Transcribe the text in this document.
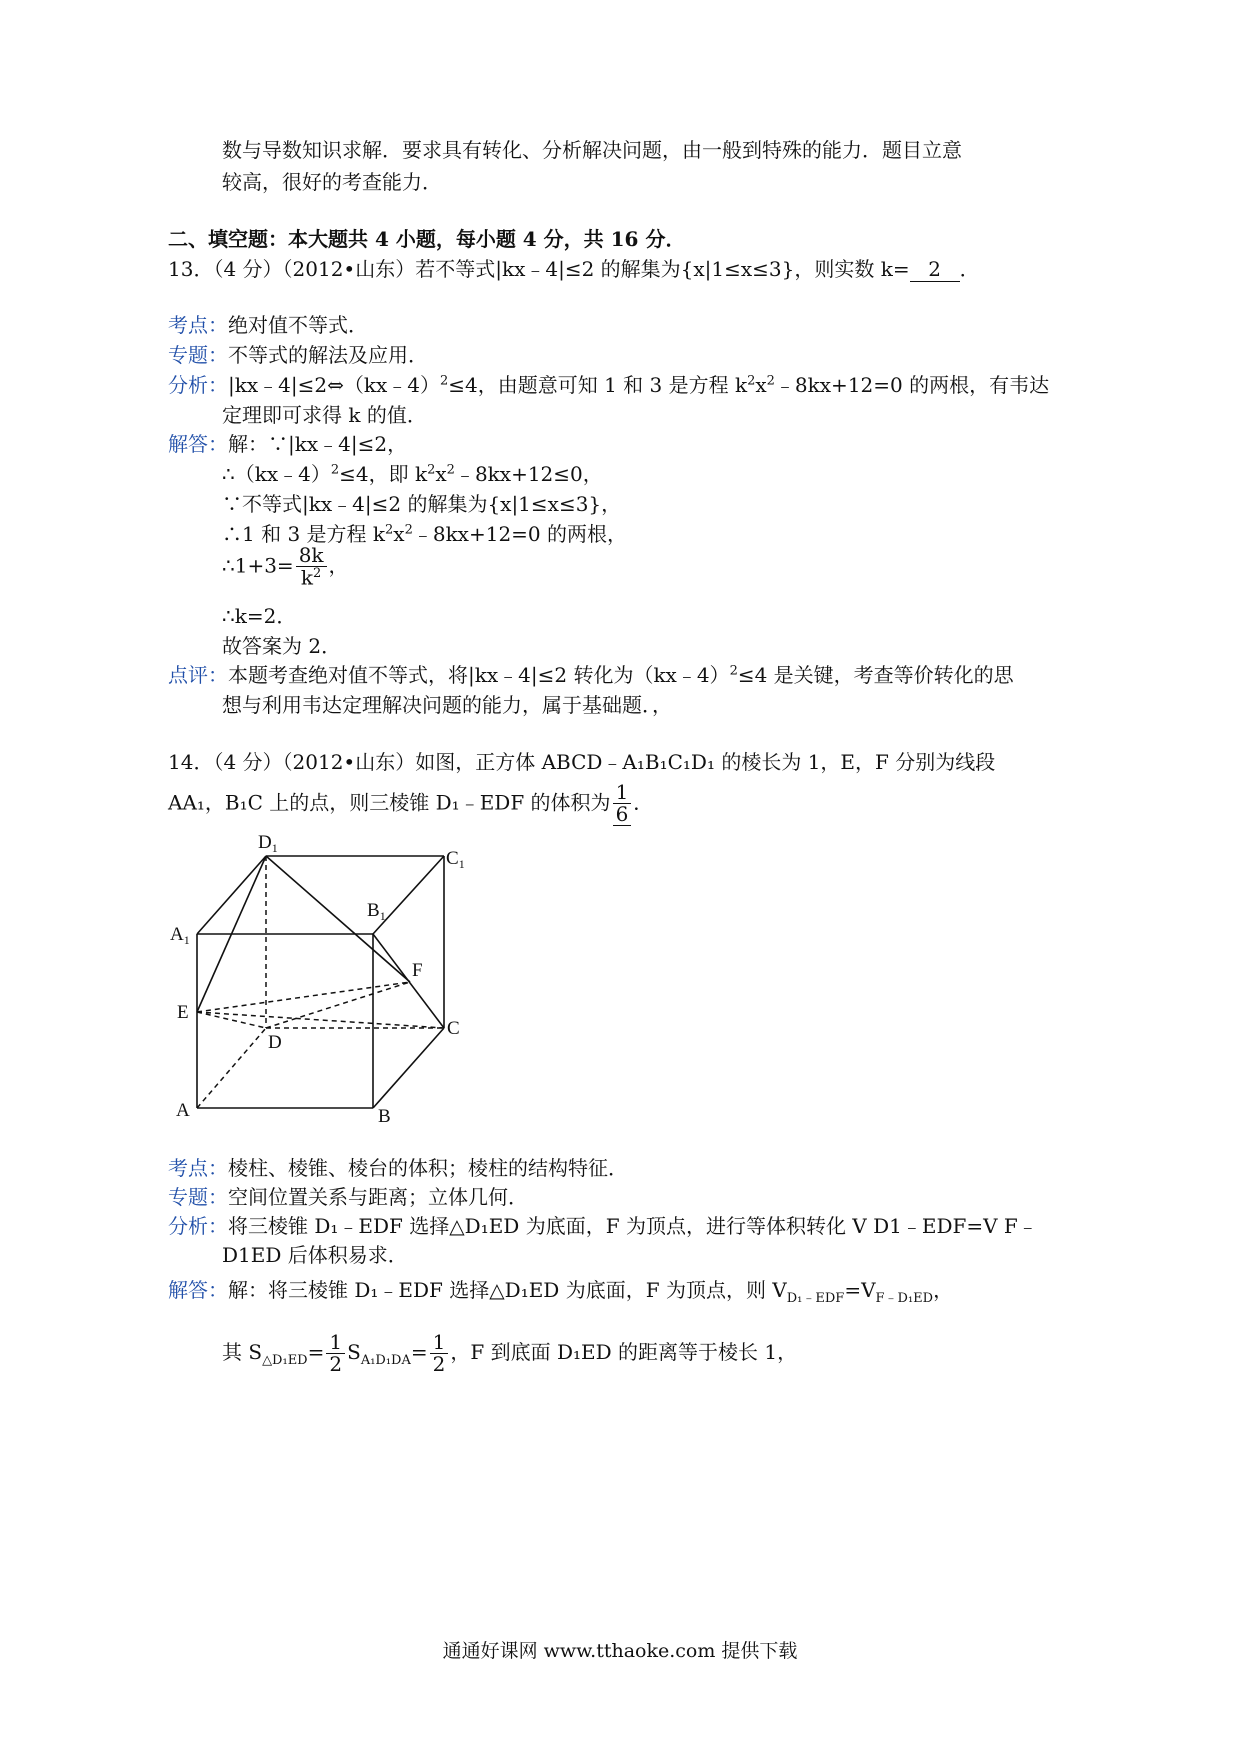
数与导数知识求解．要求具有转化、分析解决问题，由一般到特殊的能力．题目立意
较高，很好的考查能力．
二、填空题：本大题共 4 小题，每小题 4 分，共 16 分．
13．（4 分）（2012•山东）若不等式|kx﹣4|≤2 的解集为{x|1≤x≤3}，则实数 k= 2 ．
考点：绝对值不等式．
专题：不等式的解法及应用．
分析：|kx﹣4|≤2⇔（kx﹣4）$^2$≤4，由题意可知 1 和 3 是方程 $k^2x^2﹣8kx+12=0$ 的两根，有韦达
定理即可求得 k 的值．
解答：解：∵|kx﹣4|≤2，
∴（kx﹣4）$^2$≤4，即 $k^2x^2﹣8kx+12\le 0$，
∵不等式|kx﹣4|≤2 的解集为{x|1≤x≤3}，
∴1 和 3 是方程 $k^2x^2﹣8kx+12=0$ 的两根，
∴1+3= $\frac{8k}{k^2}$ ，
∴k=2．
故答案为 2．
点评：本题考查绝对值不等式，将|kx﹣4|≤2 转化为（kx﹣4）$^2$≤4 是关键，考查等价转化的思
想与利用韦达定理解决问题的能力，属于基础题．，
14．（4 分）（2012•山东）如图，正方体 ABCD﹣A₁B₁C₁D₁ 的棱长为 1，E，F 分别为线段
AA₁，B₁C 上的点，则三棱锥 D₁﹣EDF 的体积为 $\frac{1}{6}$ ．
$D_1$	$C_1$
$B_1$
$A_1$
F
E
D
C
A	B
考点：棱柱、棱锥、棱台的体积；棱柱的结构特征．
专题：空间位置关系与距离；立体几何．
分析：将三棱锥 D₁﹣EDF 选择△D₁ED 为底面，F 为顶点，进行等体积转化 V D1﹣EDF=V F﹣
D1ED 后体积易求．
解答：解：将三棱锥 D₁﹣EDF 选择△D₁ED 为底面，F 为顶点，则 $V_{D_1﹣EDF}=V_{F﹣D_1ED}$，
其 $S_{\triangle D_1ED}= \frac{1}{2} S_{A_1D_1DA}= \frac{1}{2}$ ，F 到底面 D₁ED 的距离等于棱长 1，
通通好课网 www.tthaoke.com 提供下载
